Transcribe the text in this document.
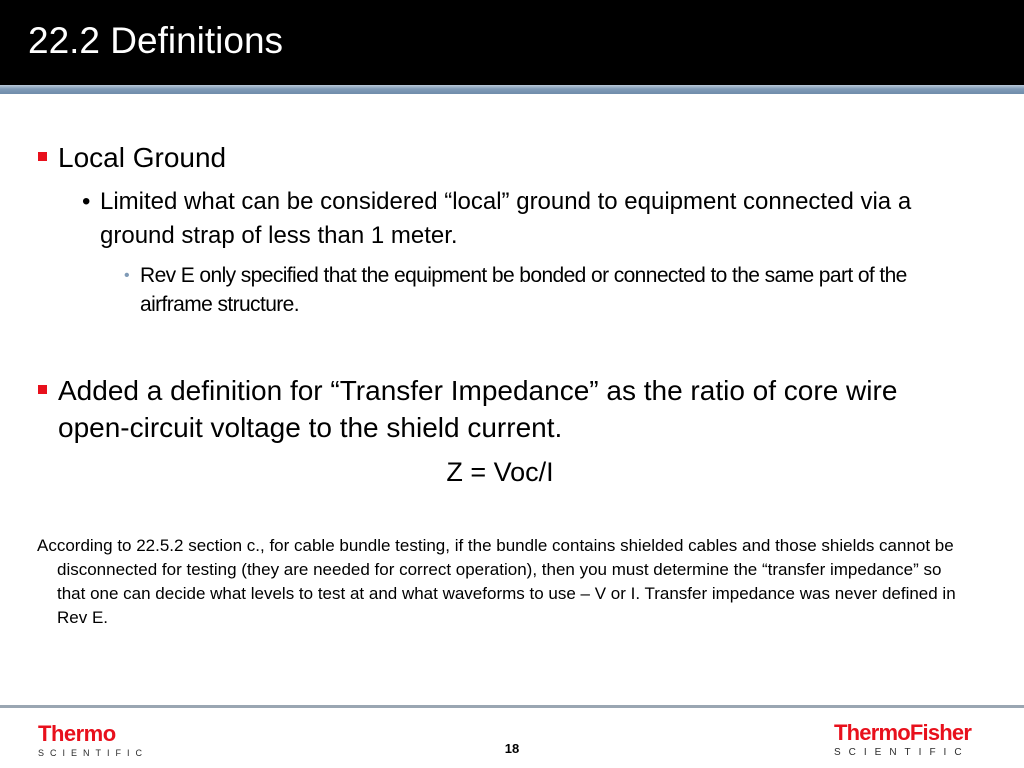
22.2 Definitions
Local Ground
• Limited what can be considered “local” ground to equipment connected via a ground strap of less than 1 meter.
• Rev E only specified that the equipment be bonded or connected to the same part of the airframe structure.
Added a definition for “Transfer Impedance” as the ratio of core wire open-circuit voltage to the shield current.
Z = Voc/I
According to 22.5.2 section c., for cable bundle testing, if the bundle contains shielded cables and those shields cannot be disconnected for testing (they are needed for correct operation), then you must determine the “transfer impedance” so that one can decide what levels to test at and what waveforms to use – V or I. Transfer impedance was never defined in Rev E.
Thermo
SCIENTIFIC	18
ThermoFisher
SCIENTIFIC
